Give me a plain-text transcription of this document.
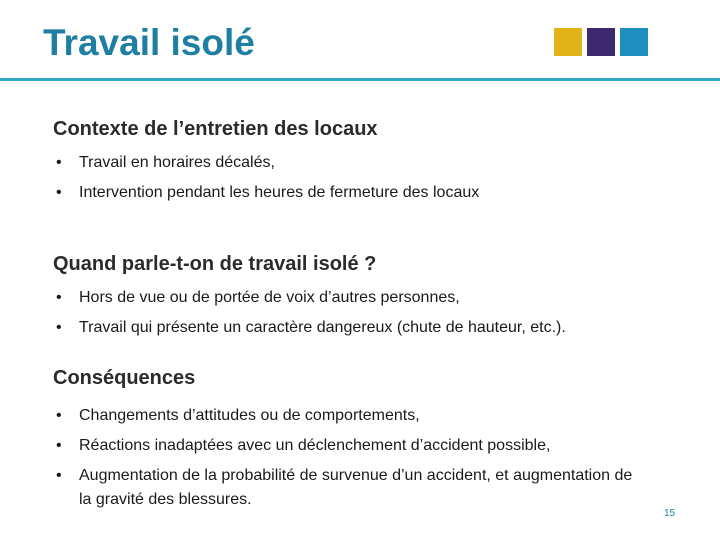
Travail isolé
Contexte de l’entretien des locaux
• Travail en horaires décalés,
• Intervention pendant les heures de fermeture des locaux
Quand parle-t-on de travail isolé ?
• Hors de vue ou de portée de voix d’autres personnes,
• Travail qui présente un caractère dangereux (chute de hauteur, etc.).
Conséquences
• Changements d’attitudes ou de comportements,
• Réactions inadaptées avec un déclenchement d’accident possible,
• Augmentation de la probabilité de survenue d’un accident, et augmentation de la gravité des blessures.
15
